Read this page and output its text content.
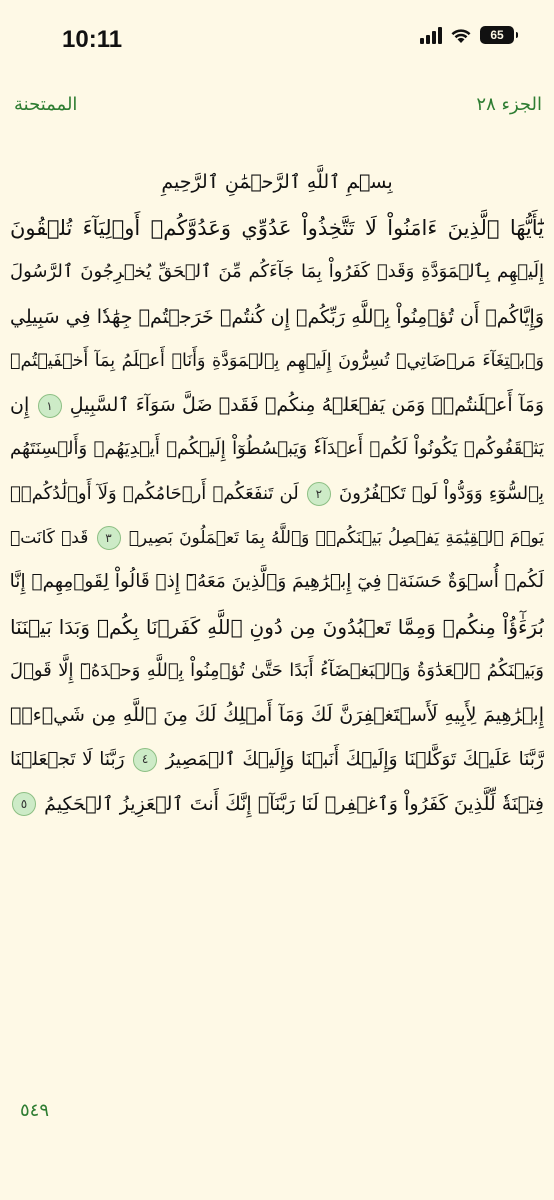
10:11	65
الممتحنة	الجزء ٢٨
بِسۡمِ ٱللَّهِ ٱلرَّحۡمَٰنِ ٱلرَّحِيمِ
يَٰٓأَيُّهَا ٱلَّذِينَ ءَامَنُواْ لَا تَتَّخِذُواْ عَدُوِّي وَعَدُوَّكُمۡ أَوۡلِيَآءَ تُلۡقُونَ
إِلَيۡهِم بِٱلۡمَوَدَّةِ وَقَدۡ كَفَرُواْ بِمَا جَآءَكُم مِّنَ ٱلۡحَقِّ يُخۡرِجُونَ ٱلرَّسُولَ
وَإِيَّاكُمۡ أَن تُؤۡمِنُواْ بِٱللَّهِ رَبِّكُمۡ إِن كُنتُمۡ خَرَجۡتُمۡ جِهَٰدٗا فِي سَبِيلِي
وَٱبۡتِغَآءَ مَرۡضَاتِيۚ تُسِرُّونَ إِلَيۡهِم بِٱلۡمَوَدَّةِ وَأَنَا۠ أَعۡلَمُ بِمَآ أَخۡفَيۡتُمۡ
وَمَآ أَعۡلَنتُمۡۚ وَمَن يَفۡعَلۡهُ مِنكُمۡ فَقَدۡ ضَلَّ سَوَآءَ ٱلسَّبِيلِ ١ إِن
يَثۡقَفُوكُمۡ يَكُونُواْ لَكُمۡ أَعۡدَآءٗ وَيَبۡسُطُوٓاْ إِلَيۡكُمۡ أَيۡدِيَهُمۡ وَأَلۡسِنَتَهُم
بِٱلسُّوٓءِ وَوَدُّواْ لَوۡ تَكۡفُرُونَ ٢ لَن تَنفَعَكُمۡ أَرۡحَامُكُمۡ وَلَآ أَوۡلَٰدُكُمۡۚ
يَوۡمَ ٱلۡقِيَٰمَةِ يَفۡصِلُ بَيۡنَكُمۡۚ وَٱللَّهُ بِمَا تَعۡمَلُونَ بَصِيرٞ ٣ قَدۡ كَانَتۡ
لَكُمۡ أُسۡوَةٌ حَسَنَةٞ فِيٓ إِبۡرَٰهِيمَ وَٱلَّذِينَ مَعَهُۥٓ إِذۡ قَالُواْ لِقَوۡمِهِمۡ إِنَّا
بُرَءَٰٓؤُاْ مِنكُمۡ وَمِمَّا تَعۡبُدُونَ مِن دُونِ ٱللَّهِ كَفَرۡنَا بِكُمۡ وَبَدَا بَيۡنَنَا
وَبَيۡنَكُمُ ٱلۡعَدَٰوَةُ وَٱلۡبَغۡضَآءُ أَبَدًا حَتَّىٰ تُؤۡمِنُواْ بِٱللَّهِ وَحۡدَهُۥٓ إِلَّا قَوۡلَ
إِبۡرَٰهِيمَ لِأَبِيهِ لَأَسۡتَغۡفِرَنَّ لَكَ وَمَآ أَمۡلِكُ لَكَ مِنَ ٱللَّهِ مِن شَيۡءٖۖ
رَّبَّنَا عَلَيۡكَ تَوَكَّلۡنَا وَإِلَيۡكَ أَنَبۡنَا وَإِلَيۡكَ ٱلۡمَصِيرُ ٤ رَبَّنَا لَا تَجۡعَلۡنَا
فِتۡنَةٗ لِّلَّذِينَ كَفَرُواْ وَٱغۡفِرۡ لَنَا رَبَّنَآۖ إِنَّكَ أَنتَ ٱلۡعَزِيزُ ٱلۡحَكِيمُ ٥
٥٤٩
